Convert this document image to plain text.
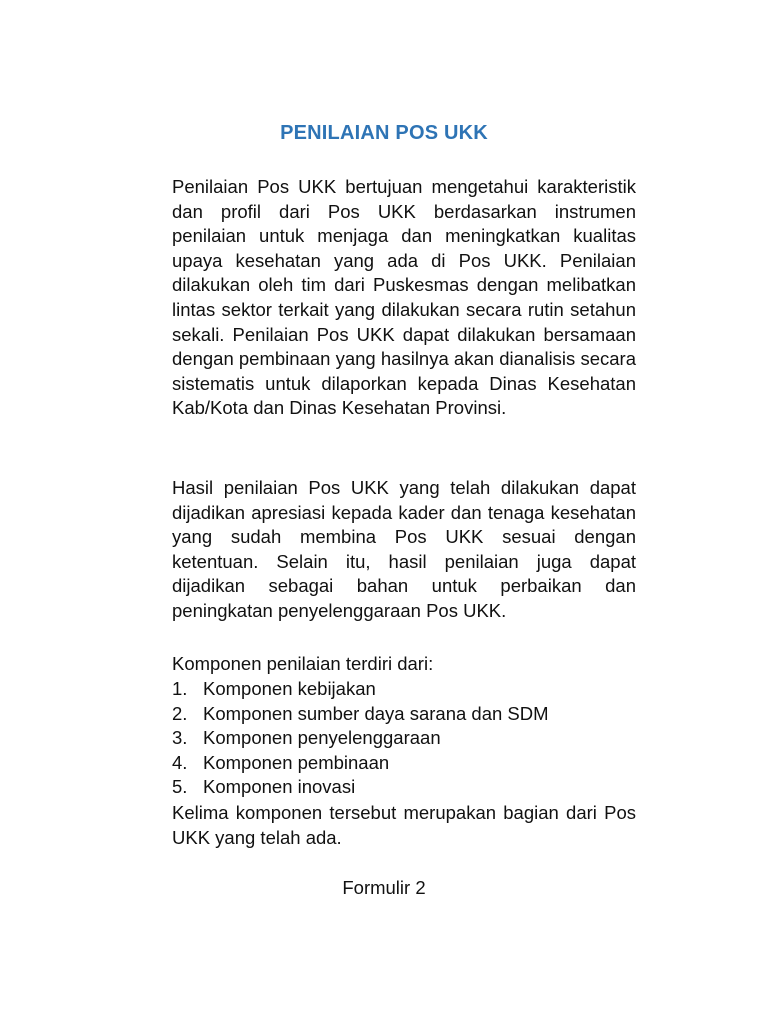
PENILAIAN POS UKK

Penilaian Pos UKK bertujuan mengetahui karakteristik dan profil dari Pos UKK berdasarkan instrumen penilaian untuk menjaga dan meningkatkan kualitas upaya kesehatan yang ada di Pos UKK. Penilaian dilakukan oleh tim dari Puskesmas dengan melibatkan lintas sektor terkait yang dilakukan secara rutin setahun sekali. Penilaian Pos UKK dapat dilakukan bersamaan dengan pembinaan yang hasilnya akan dianalisis secara sistematis untuk dilaporkan kepada Dinas Kesehatan Kab/Kota dan Dinas Kesehatan Provinsi.

Hasil penilaian Pos UKK yang telah dilakukan dapat dijadikan apresiasi kepada kader dan tenaga kesehatan yang sudah membina Pos UKK sesuai dengan ketentuan. Selain itu, hasil penilaian juga dapat dijadikan sebagai bahan untuk perbaikan dan peningkatan penyelenggaraan Pos UKK.

Komponen penilaian terdiri dari:

1. Komponen kebijakan
2. Komponen sumber daya sarana dan SDM
3. Komponen penyelenggaraan
4. Komponen pembinaan
5. Komponen inovasi

Kelima komponen tersebut merupakan bagian dari Pos UKK yang telah ada.

Formulir 2
